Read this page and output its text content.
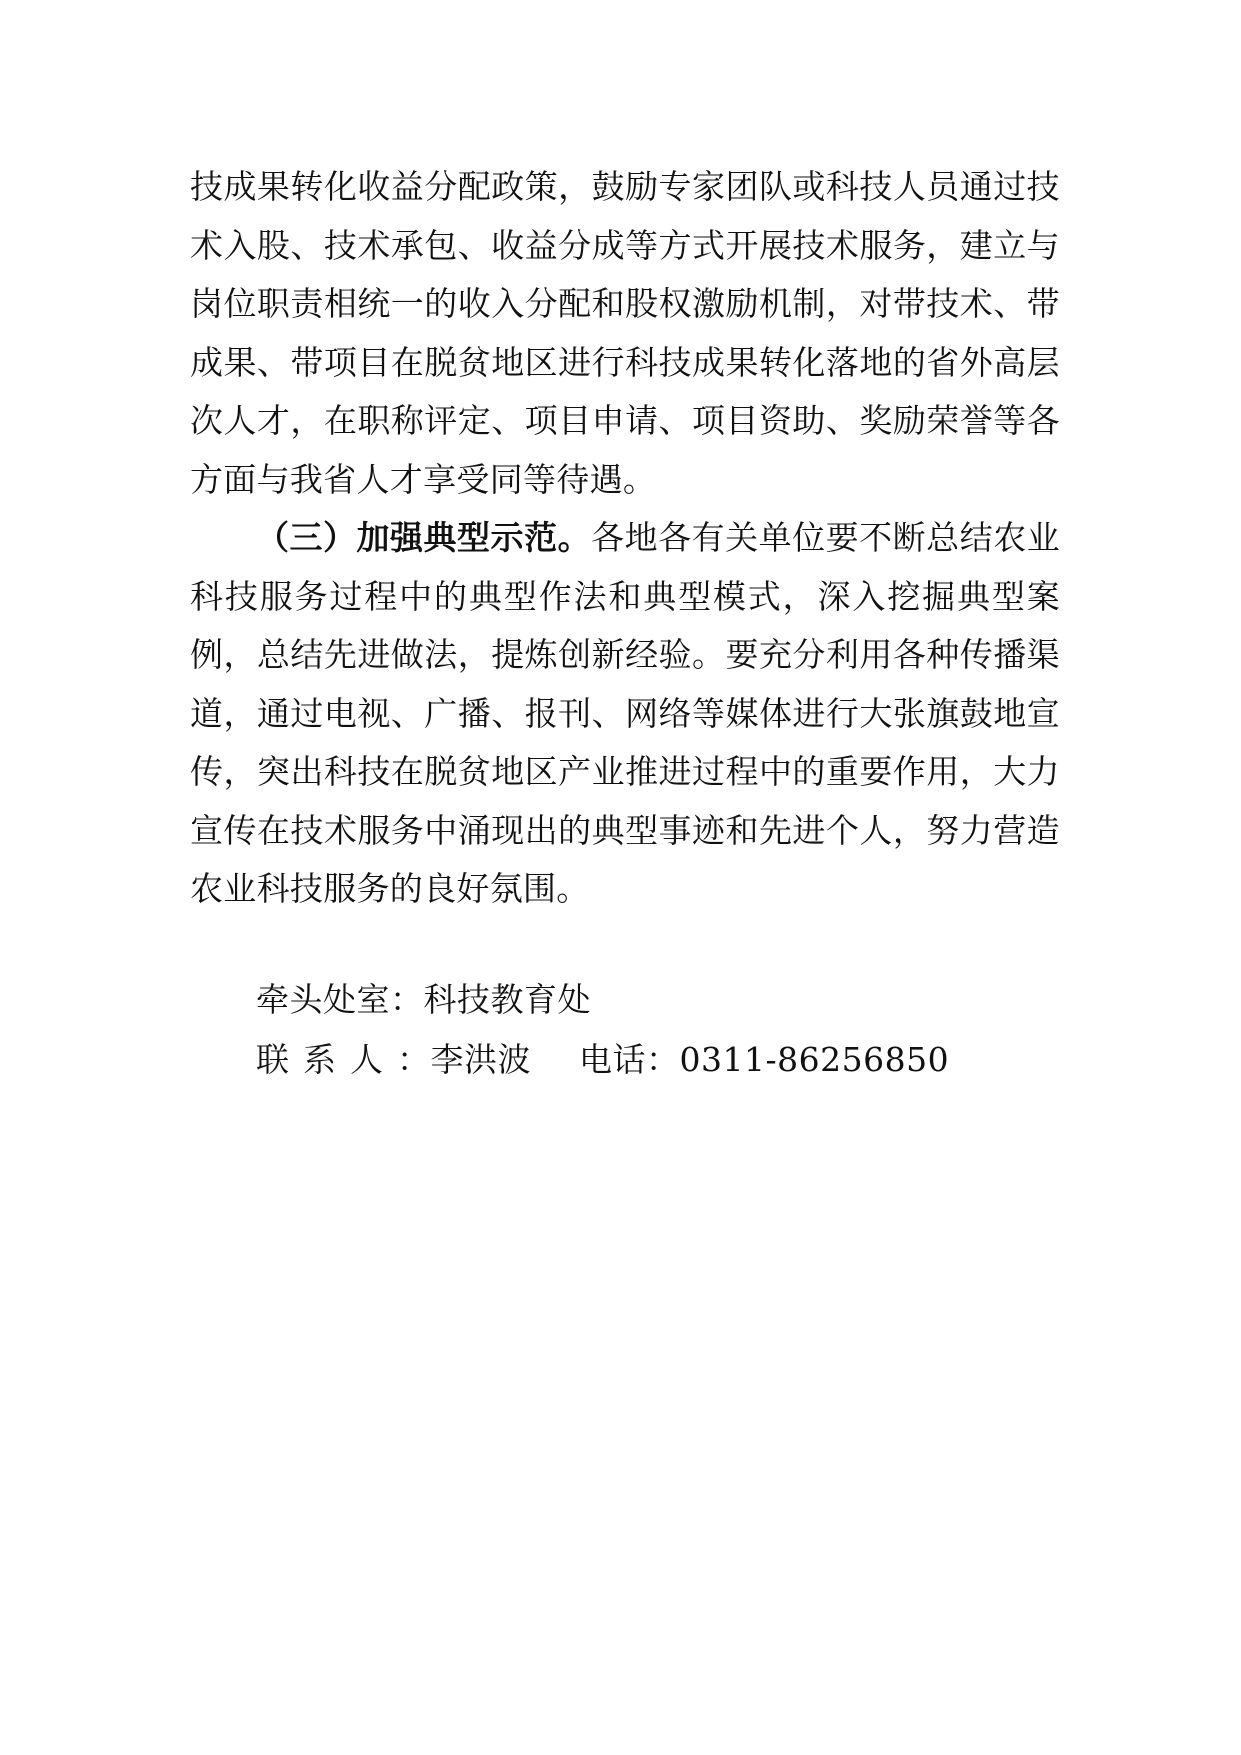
技成果转化收益分配政策，鼓励专家团队或科技人员通过技术入股、技术承包、收益分成等方式开展技术服务，建立与岗位职责相统一的收入分配和股权激励机制，对带技术、带成果、带项目在脱贫地区进行科技成果转化落地的省外高层次人才，在职称评定、项目申请、项目资助、奖励荣誉等各方面与我省人才享受同等待遇。

（三）加强典型示范。各地各有关单位要不断总结农业科技服务过程中的典型作法和典型模式，深入挖掘典型案例，总结先进做法，提炼创新经验。要充分利用各种传播渠道，通过电视、广播、报刊、网络等媒体进行大张旗鼓地宣传，突出科技在脱贫地区产业推进过程中的重要作用，大力宣传在技术服务中涌现出的典型事迹和先进个人，努力营造农业科技服务的良好氛围。

牵头处室：科技教育处
联系人：李洪波 电话：0311-86256850
